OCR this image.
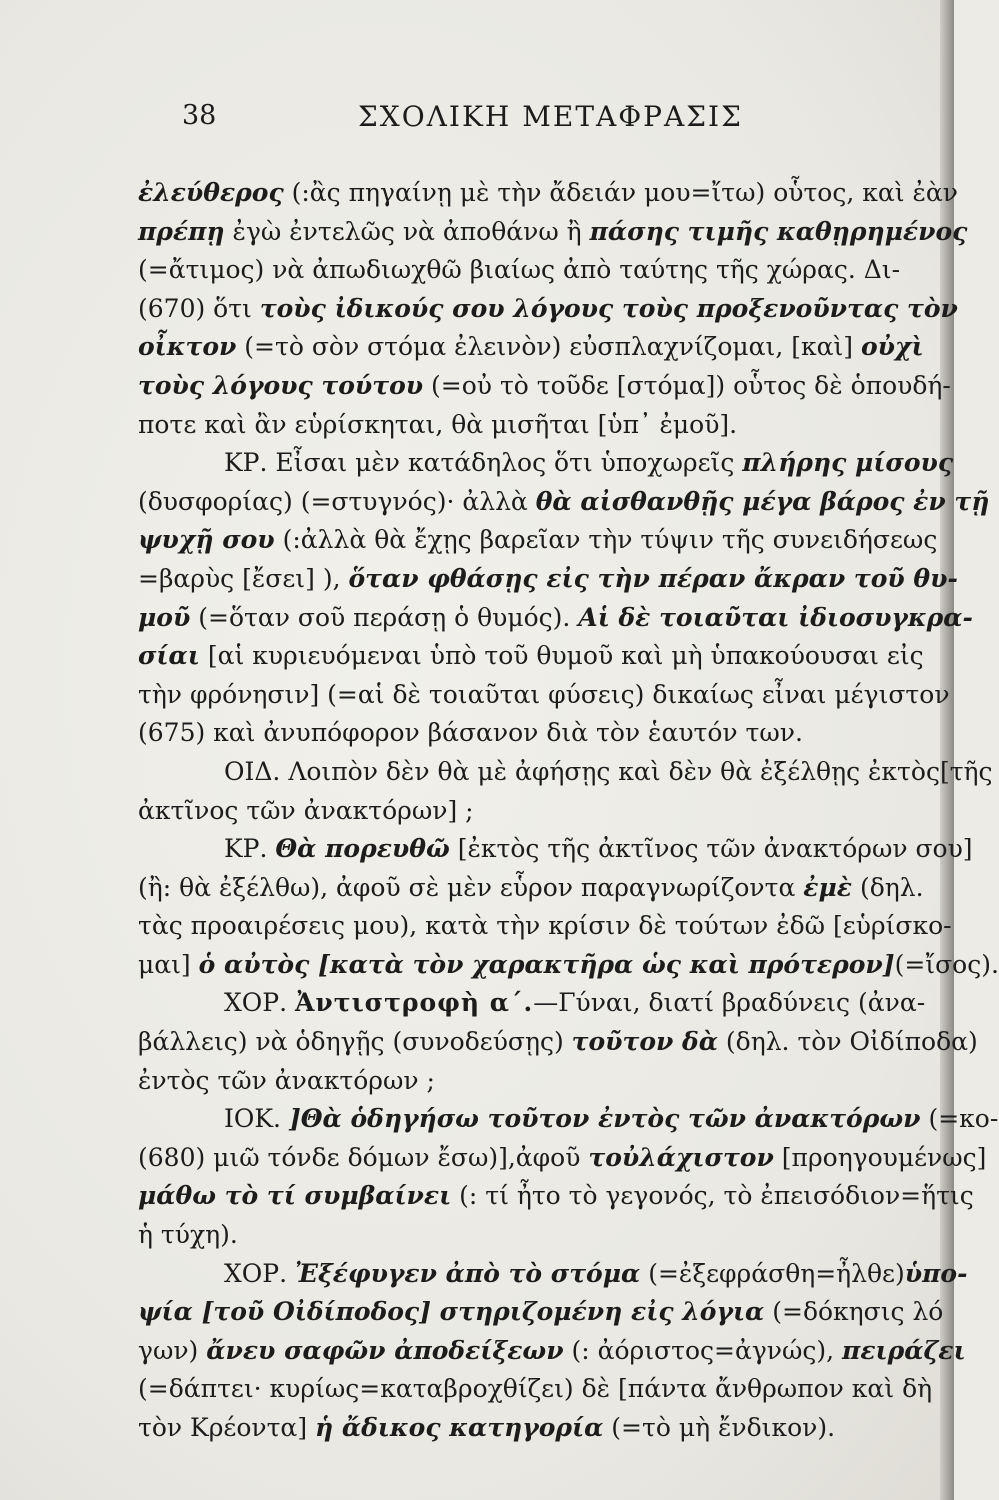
38	ΣΧΟΛΙΚΗ ΜΕΤΑΦΡΑΣΙΣ
ἐλεύθερος (:ἂς πηγαίνῃ μὲ τὴν ἄδειάν μου=ἴτω) οὗτος, καὶ ἐὰν
πρέπῃ ἐγὼ ἐντελῶς νὰ ἀποθάνω ἢ πάσης τιμῆς καθῃρημένος
(=ἄτιμος) νὰ ἀπωδιωχθῶ βιαίως ἀπὸ ταύτης τῆς χώρας. Δι-
(670) ὅτι τοὺς ἰδικούς σου λόγους τοὺς προξενοῦντας τὸν
οἶκτον (=τὸ σὸν στόμα ἐλεινὸν) εὐσπλαχνίζομαι, [καὶ] οὐχὶ
τοὺς λόγους τούτου (=οὐ τὸ τοῦδε [στόμα]) οὗτος δὲ ὁπουδή-
ποτε καὶ ἂν εὑρίσκηται, θὰ μισῆται [ὑπ᾿ ἐμοῦ].
ΚΡ. Εἶσαι μὲν κατάδηλος ὅτι ὑποχωρεῖς πλήρης μίσους
(δυσφορίας) (=στυγνός)· ἀλλὰ θὰ αἰσθανθῇς μέγα βάρος ἐν τῇ
ψυχῇ σου (:ἀλλὰ θὰ ἔχῃς βαρεῖαν τὴν τύψιν τῆς συνειδήσεως
=βαρὺς [ἔσει] ), ὅταν φθάσῃς εἰς τὴν πέραν ἄκραν τοῦ θυ-
μοῦ (=ὅταν σοῦ περάσῃ ὁ θυμός). Αἱ δὲ τοιαῦται ἰδιοσυγκρα-
σίαι [αἱ κυριευόμεναι ὑπὸ τοῦ θυμοῦ καὶ μὴ ὑπακούουσαι εἰς
τὴν φρόνησιν] (=αἱ δὲ τοιαῦται φύσεις) δικαίως εἶναι μέγιστον
(675) καὶ ἀνυπόφορον βάσανον διὰ τὸν ἑαυτόν των.
ΟΙΔ. Λοιπὸν δὲν θὰ μὲ ἀφήσῃς καὶ δὲν θὰ ἐξέλθῃς ἐκτὸς[τῆς
ἀκτῖνος τῶν ἀνακτόρων] ;
ΚΡ. Θὰ πορευθῶ [ἐκτὸς τῆς ἀκτῖνος τῶν ἀνακτόρων σου]
(ἢ: θὰ ἐξέλθω), ἀφοῦ σὲ μὲν εὗρον παραγνωρίζοντα ἐμὲ (δηλ.
τὰς προαιρέσεις μου), κατὰ τὴν κρίσιν δὲ τούτων ἐδῶ [εὑρίσκο-
μαι] ὁ αὐτὸς [κατὰ τὸν χαρακτῆρα ὡς καὶ πρότερον](=ἴσος).
ΧΟΡ. Ἀντιστροφὴ α΄.—Γύναι, διατί βραδύνεις (ἀνα-
βάλλεις) νὰ ὁδηγῇς (συνοδεύσῃς) τοῦτον δὰ (δηλ. τὸν Οἰδίποδα)
ἐντὸς τῶν ἀνακτόρων ;
ΙΟΚ. ]Θὰ ὁδηγήσω τοῦτον ἐντὸς τῶν ἀνακτόρων (=κο-
(680) μιῶ τόνδε δόμων ἔσω)],ἀφοῦ τοὐλάχιστον [προηγουμένως]
μάθω τὸ τί συμβαίνει (: τί ἦτο τὸ γεγονός, τὸ ἐπεισόδιον=ἥτις
ἡ τύχη).
ΧΟΡ. Ἐξέφυγεν ἀπὸ τὸ στόμα (=ἐξεφράσθη=ἦλθε)ὑπο-
ψία [τοῦ Οἰδίποδος] στηριζομένη εἰς λόγια (=δόκησις λό
γων) ἄνευ σαφῶν ἀποδείξεων (: ἀόριστος=ἀγνώς), πειράζει
(=δάπτει· κυρίως=καταβροχθίζει) δὲ [πάντα ἄνθρωπον καὶ δὴ
τὸν Κρέοντα] ἡ ἄδικος κατηγορία (=τὸ μὴ ἔνδικον).
